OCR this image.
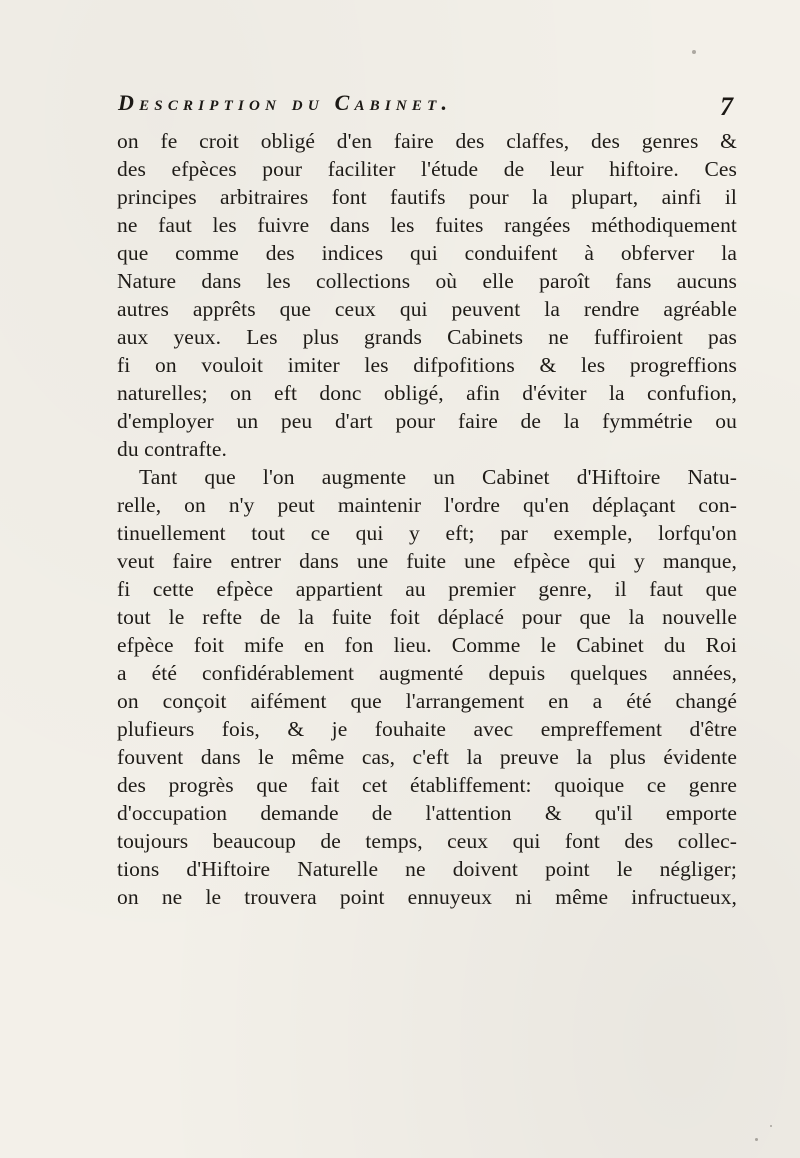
Description du Cabinet.	7
on fe croit obligé d'en faire des claffes, des genres &
des efpèces pour faciliter l'étude de leur hiftoire. Ces
principes arbitraires font fautifs pour la plupart, ainfi il
ne faut les fuivre dans les fuites rangées méthodiquement
que comme des indices qui conduifent à obferver la
Nature dans les collections où elle paroît fans aucuns
autres apprêts que ceux qui peuvent la rendre agréable
aux yeux. Les plus grands Cabinets ne fuffiroient pas
fi on vouloit imiter les difpofitions & les progreffions
naturelles; on eft donc obligé, afin d'éviter la confufion,
d'employer un peu d'art pour faire de la fymmétrie ou
du contrafte.
Tant que l'on augmente un Cabinet d'Hiftoire Natu-
relle, on n'y peut maintenir l'ordre qu'en déplaçant con-
tinuellement tout ce qui y eft; par exemple, lorfqu'on
veut faire entrer dans une fuite une efpèce qui y manque,
fi cette efpèce appartient au premier genre, il faut que
tout le refte de la fuite foit déplacé pour que la nouvelle
efpèce foit mife en fon lieu. Comme le Cabinet du Roi
a été confidérablement augmenté depuis quelques années,
on conçoit aifément que l'arrangement en a été changé
plufieurs fois, & je fouhaite avec empreffement d'être
fouvent dans le même cas, c'eft la preuve la plus évidente
des progrès que fait cet établiffement: quoique ce genre
d'occupation demande de l'attention & qu'il emporte
toujours beaucoup de temps, ceux qui font des collec-
tions d'Hiftoire Naturelle ne doivent point le négliger;
on ne le trouvera point ennuyeux ni même infructueux,
